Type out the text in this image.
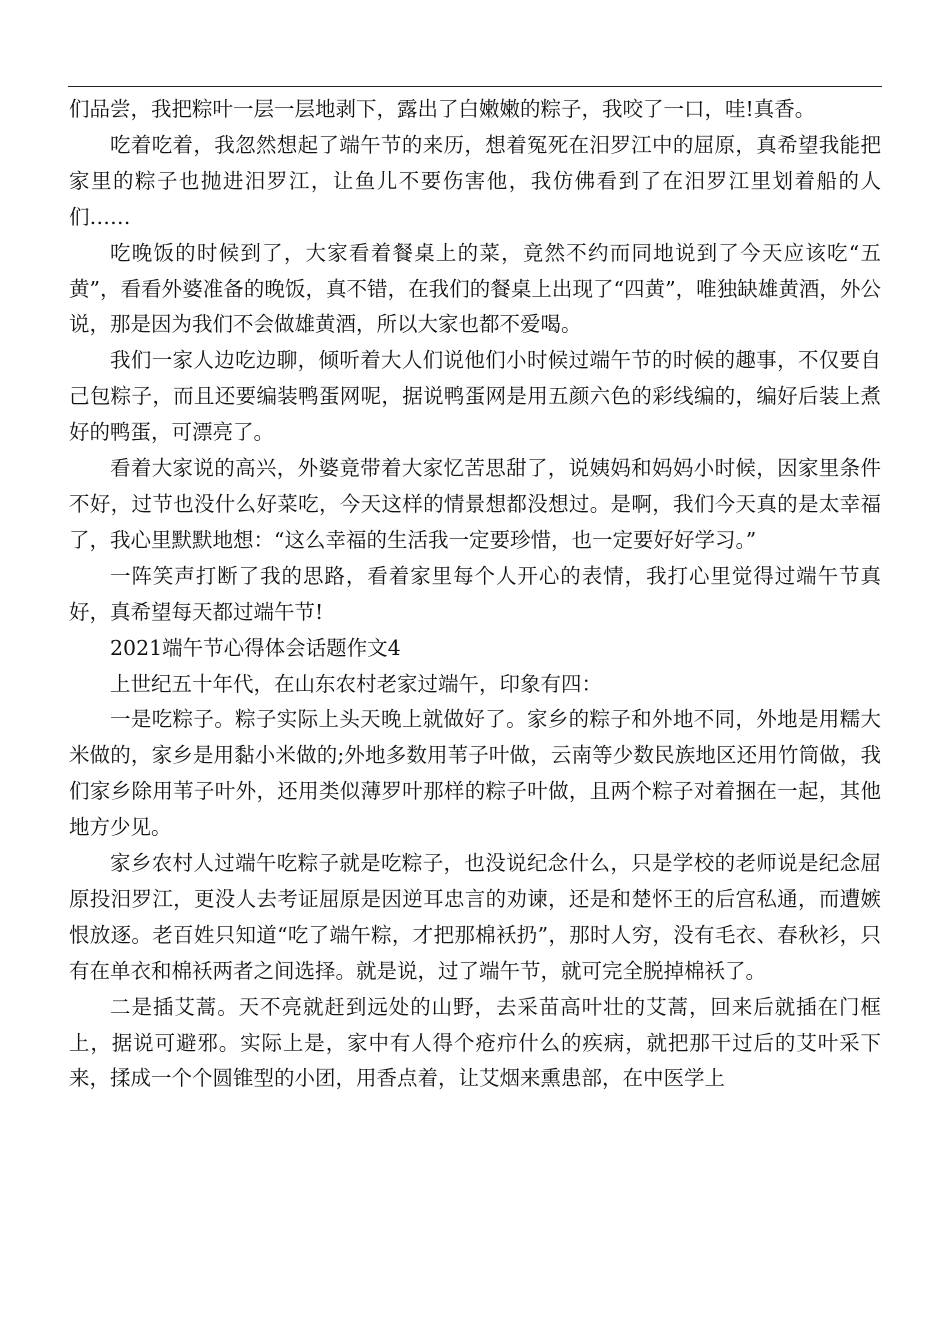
们品尝，我把粽叶一层一层地剥下，露出了白嫩嫩的粽子，我咬了一口，哇!真香。

吃着吃着，我忽然想起了端午节的来历，想着冤死在汨罗江中的屈原，真希望我能把家里的粽子也抛进汨罗江，让鱼儿不要伤害他，我仿佛看到了在汨罗江里划着船的人们……

吃晚饭的时候到了，大家看着餐桌上的菜，竟然不约而同地说到了今天应该吃“五黄”，看看外婆准备的晚饭，真不错，在我们的餐桌上出现了“四黄”，唯独缺雄黄酒，外公说，那是因为我们不会做雄黄酒，所以大家也都不爱喝。

我们一家人边吃边聊，倾听着大人们说他们小时候过端午节的时候的趣事，不仅要自己包粽子，而且还要编装鸭蛋网呢，据说鸭蛋网是用五颜六色的彩线编的，编好后装上煮好的鸭蛋，可漂亮了。

看着大家说的高兴，外婆竟带着大家忆苦思甜了，说姨妈和妈妈小时候，因家里条件不好，过节也没什么好菜吃，今天这样的情景想都没想过。是啊，我们今天真的是太幸福了，我心里默默地想：“这么幸福的生活我一定要珍惜，也一定要好好学习。”

一阵笑声打断了我的思路，看着家里每个人开心的表情，我打心里觉得过端午节真好，真希望每天都过端午节!

2021端午节心得体会话题作文4

上世纪五十年代，在山东农村老家过端午，印象有四：

一是吃粽子。粽子实际上头天晚上就做好了。家乡的粽子和外地不同，外地是用糯大米做的，家乡是用黏小米做的;外地多数用苇子叶做，云南等少数民族地区还用竹筒做，我们家乡除用苇子叶外，还用类似薄罗叶那样的粽子叶做，且两个粽子对着捆在一起，其他地方少见。

家乡农村人过端午吃粽子就是吃粽子，也没说纪念什么，只是学校的老师说是纪念屈原投汨罗江，更没人去考证屈原是因逆耳忠言的劝谏，还是和楚怀王的后宫私通，而遭嫉恨放逐。老百姓只知道“吃了端午粽，才把那棉袄扔”，那时人穷，没有毛衣、春秋衫，只有在单衣和棉袄两者之间选择。就是说，过了端午节，就可完全脱掉棉袄了。

二是插艾蒿。天不亮就赶到远处的山野，去采苗高叶壮的艾蒿，回来后就插在门框上，据说可避邪。实际上是，家中有人得个疮疖什么的疾病，就把那干过后的艾叶采下来，揉成一个个圆锥型的小团，用香点着，让艾烟来熏患部，在中医学上
